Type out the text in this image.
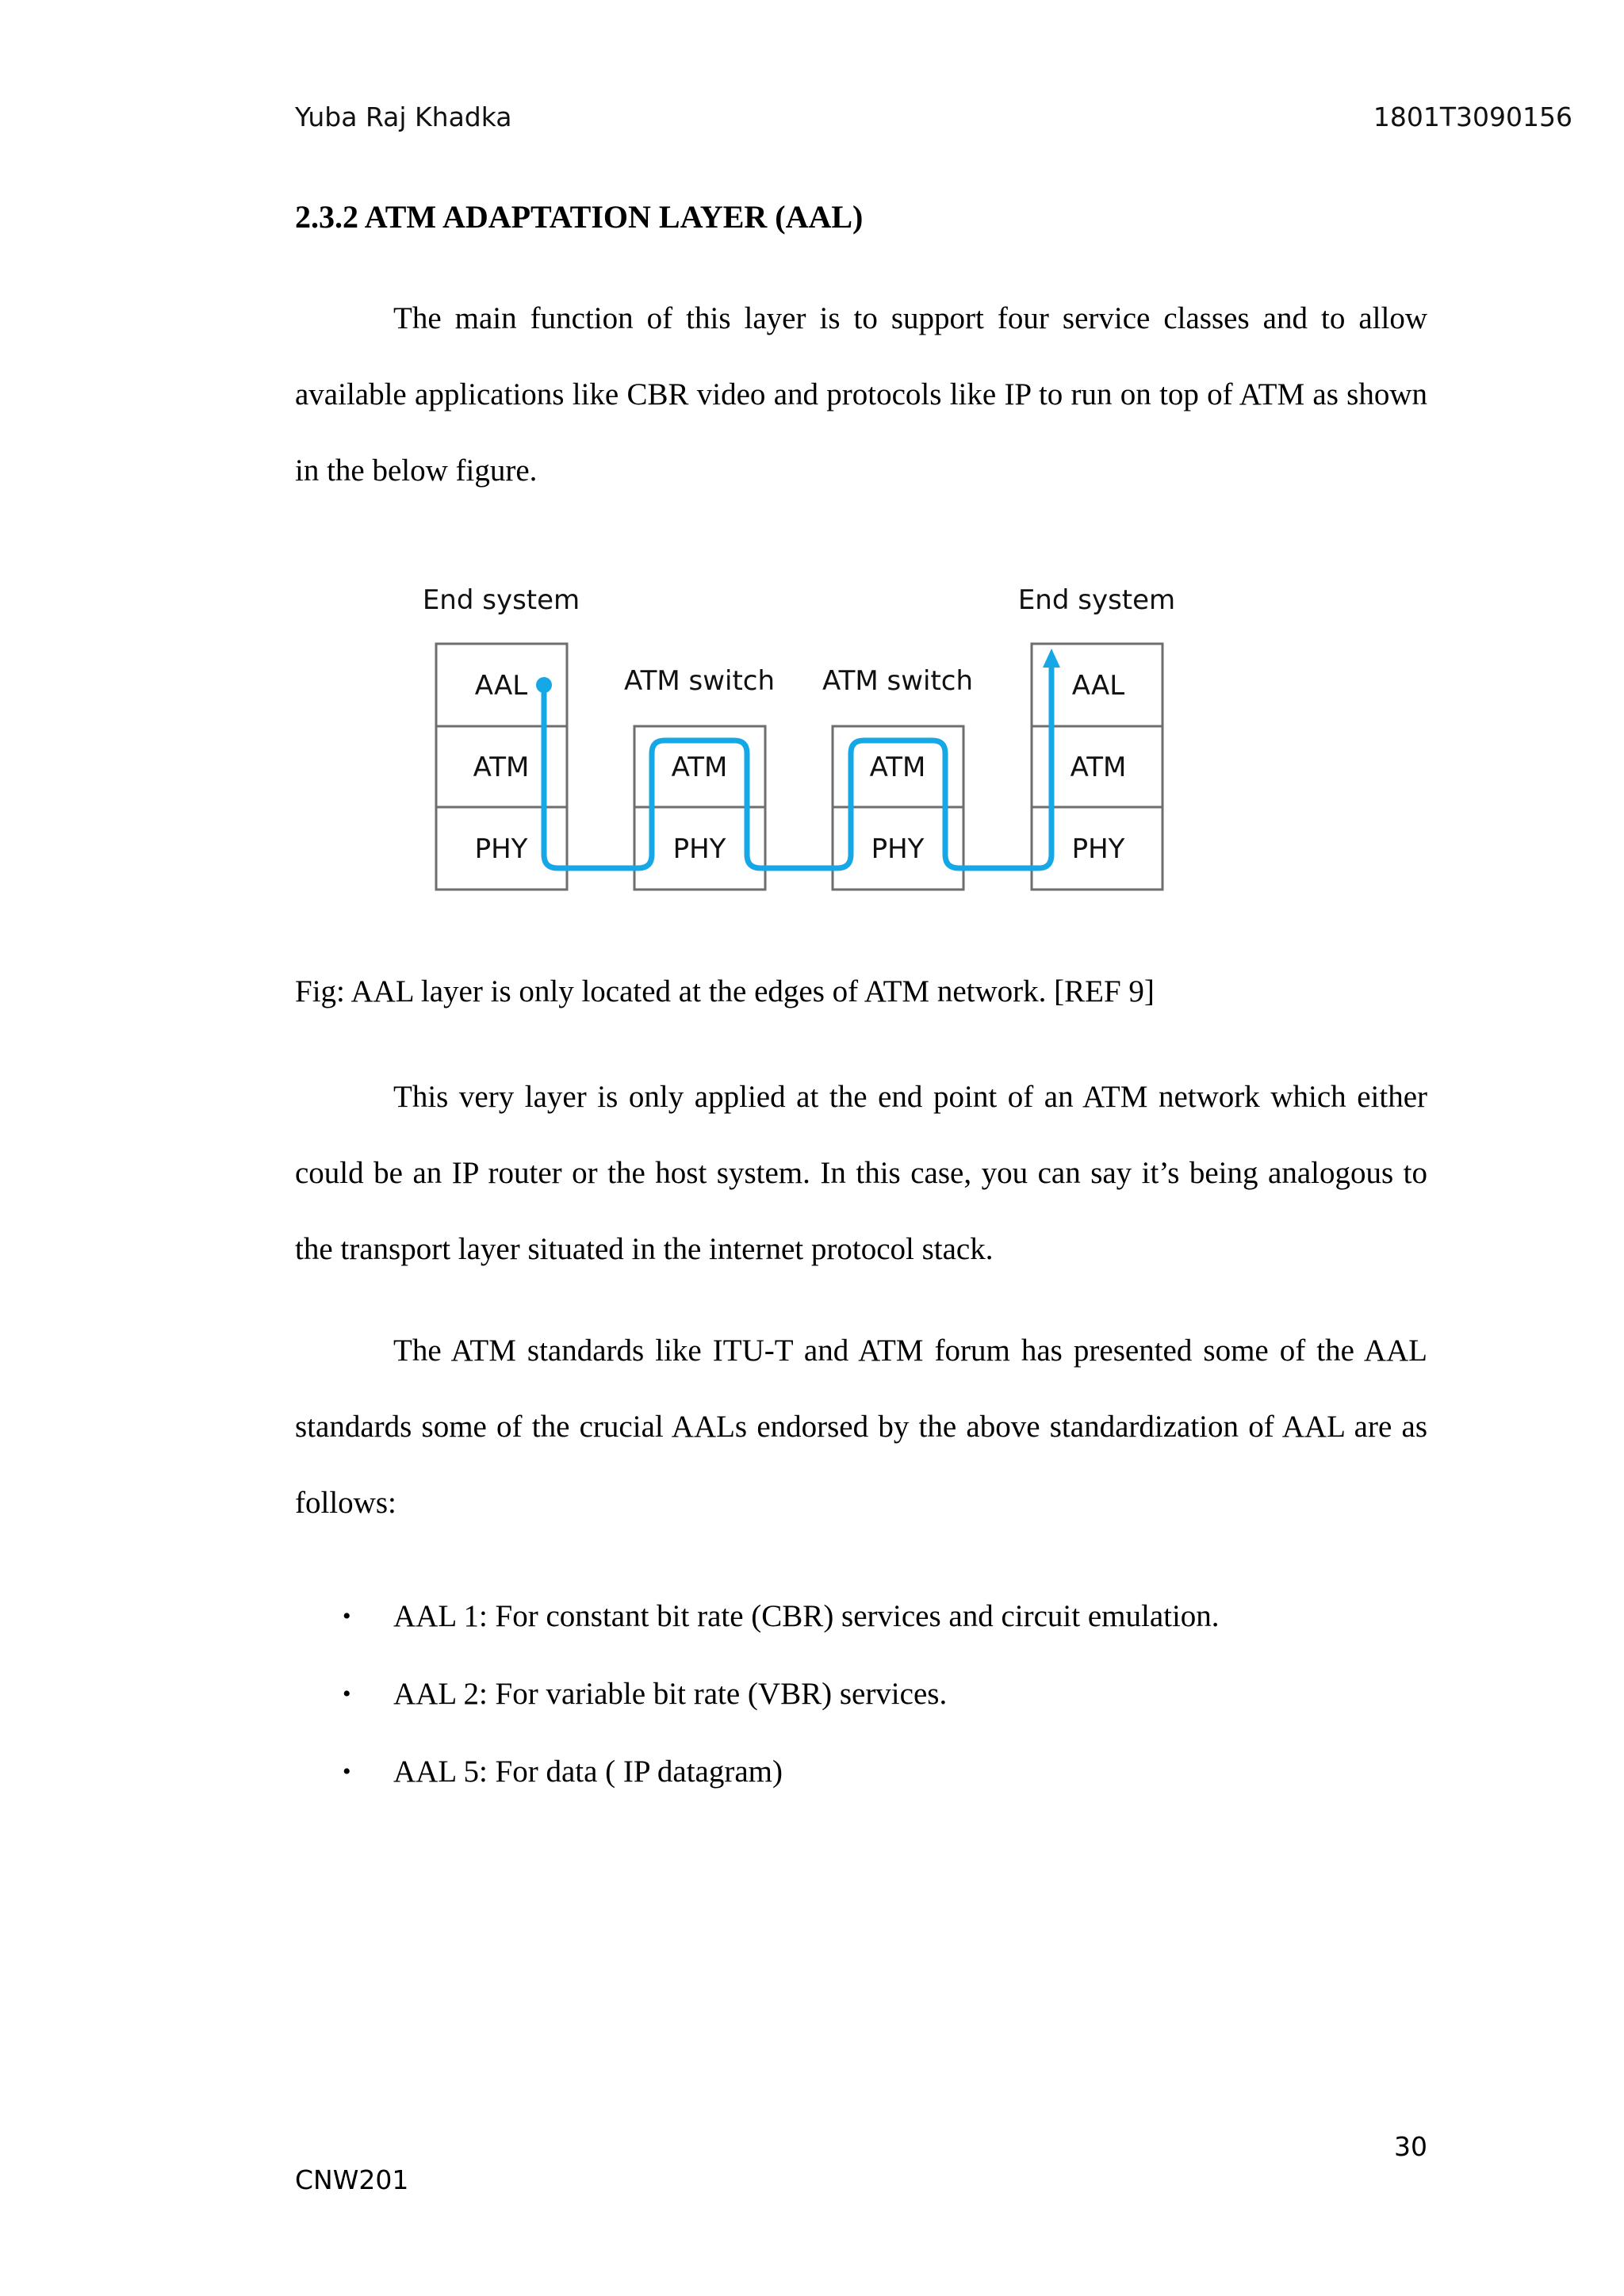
Yuba Raj Khadka	1801T3090156
2.3.2 ATM ADAPTATION LAYER (AAL)

The main function of this layer is to support four service classes and to allow available applications like CBR video and protocols like IP to run on top of ATM as shown in the below figure.

End system	End system
ATM switch ATM switch
AAL
ATM
PHY
ATM
PHY
ATM
PHY
AAL
ATM
PHY
Fig: AAL layer is only located at the edges of ATM network. [REF 9]

This very layer is only applied at the end point of an ATM network which either could be an IP router or the host system. In this case, you can say it’s being analogous to the transport layer situated in the internet protocol stack.

The ATM standards like ITU-T and ATM forum has presented some of the AAL standards some of the crucial AALs endorsed by the above standardization of AAL are as follows:

• AAL 1: For constant bit rate (CBR) services and circuit emulation.
• AAL 2: For variable bit rate (VBR) services.
• AAL 5: For data ( IP datagram)
30
CNW201
